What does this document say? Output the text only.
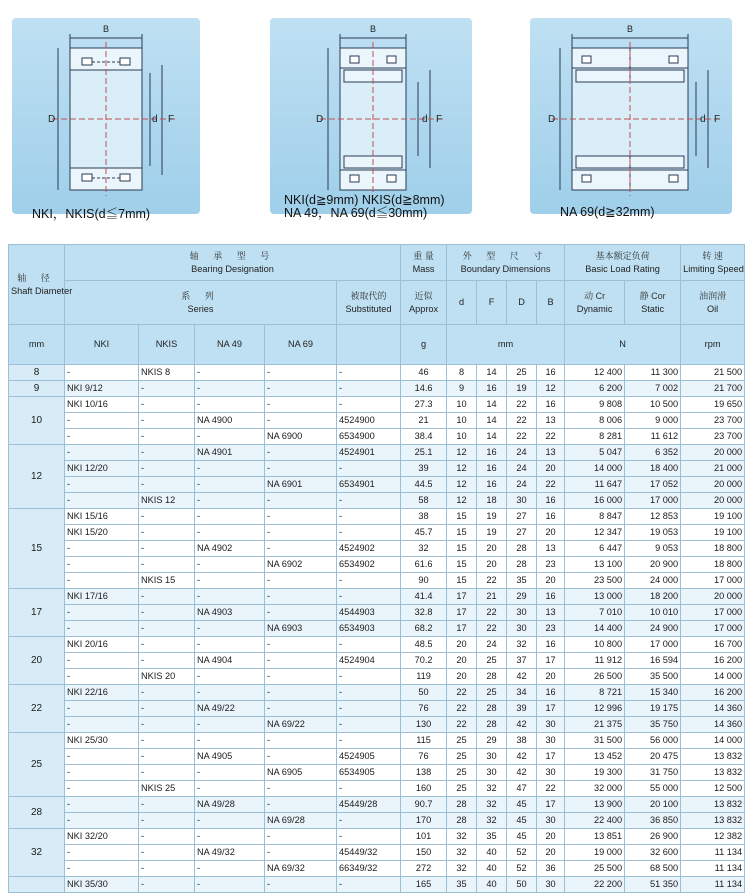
B
D	d F
NKI，NKIS(d≦7mm)
B
D	d F
NKI(d≧9mm) NKIS(d≧8mm)
NA 49，NA 69(d≦30mm)
B
D	d F
NA 69(d≧32mm)
轴 径
Shaft Diameter	轴 承 型 号
Bearing Designation					重 量
Mass	外 型 尺 寸
Boundary Dimensions				基本额定负荷
Basic Load Rating		转 速
Limiting Speed

	系 列
Series				被取代的
Substituted	近似
Approx	d	F	D	B	动 Cr
Dynamic	静 Cor
Static	油润滑
Oil
mm	NKI	NKIS	NA 49	NA 69		g	mm				N		rpm
8	-	NKIS 8	-	-	-	46	8	14	25	16	12 400	11 300	21 500
9	NKI 9/12	-	-	-	-	14.6	9	16	19	12	6 200	7 002	21 700
10	NKI 10/16	-	-	-	-	27.3	10	14	22	16	9 808	10 500	19 650
	-	-	NA 4900	-	4524900	21	10	14	22	13	8 006	9 000	23 700
	-	-	-	NA 6900	6534900	38.4	10	14	22	22	8 281	11 612	23 700
12	-	-	NA 4901	-	4524901	25.1	12	16	24	13	5 047	6 352	20 000
	NKI 12/20	-	-	-	-	39	12	16	24	20	14 000	18 400	21 000
	-	-	-	NA 6901	6534901	44.5	12	16	24	22	11 647	17 052	20 000
	-	NKIS 12	-	-	-	58	12	18	30	16	16 000	17 000	20 000
15	NKI 15/16	-	-	-	-	38	15	19	27	16	8 847	12 853	19 100
	NKI 15/20	-	-	-	-	45.7	15	19	27	20	12 347	19 053	19 100
	-	-	NA 4902	-	4524902	32	15	20	28	13	6 447	9 053	18 800
	-	-	-	NA 6902	6534902	61.6	15	20	28	23	13 100	20 900	18 800
	-	NKIS 15	-	-	-	90	15	22	35	20	23 500	24 000	17 000
17	NKI 17/16	-	-	-	-	41.4	17	21	29	16	13 000	18 200	20 000
	-	-	NA 4903	-	4544903	32.8	17	22	30	13	7 010	10 010	17 000
	-	-	-	NA 6903	6534903	68.2	17	22	30	23	14 400	24 900	17 000
20	NKI 20/16	-	-	-	-	48.5	20	24	32	16	10 800	17 000	16 700
	-	-	NA 4904	-	4524904	70.2	20	25	37	17	11 912	16 594	16 200
	-	NKIS 20	-	-	-	119	20	28	42	20	26 500	35 500	14 000
22	NKI 22/16	-	-	-	-	50	22	25	34	16	8 721	15 340	16 200
	-	-	NA 49/22	-	-	76	22	28	39	17	12 996	19 175	14 360
	-	-	-	NA 69/22	-	130	22	28	42	30	21 375	35 750	14 360
25	NKI 25/30	-	-	-	-	115	25	29	38	30	31 500	56 000	14 000
	-	-	NA 4905	-	4524905	76	25	30	42	17	13 452	20 475	13 832
	-	-	-	NA 6905	6534905	138	25	30	42	30	19 300	31 750	13 832
	-	NKIS 25	-	-	-	160	25	32	47	22	32 000	55 000	12 500
28	-	-	NA 49/28	-	45449/28	90.7	28	32	45	17	13 900	20 100	13 832
	-	-	-	NA 69/28	-	170	28	32	45	30	22 400	36 850	13 832
32	NKI 32/20	-	-	-	-	101	32	35	45	20	13 851	26 900	12 382
	-	-	NA 49/32	-	45449/32	150	32	40	52	20	19 000	32 600	11 134
	-	-	-	NA 69/32	66349/32	272	32	40	52	36	25 500	68 500	11 134
	NKI 35/30	-	-	-	-	165	35	40	50	30	22 200	51 350	11 134
